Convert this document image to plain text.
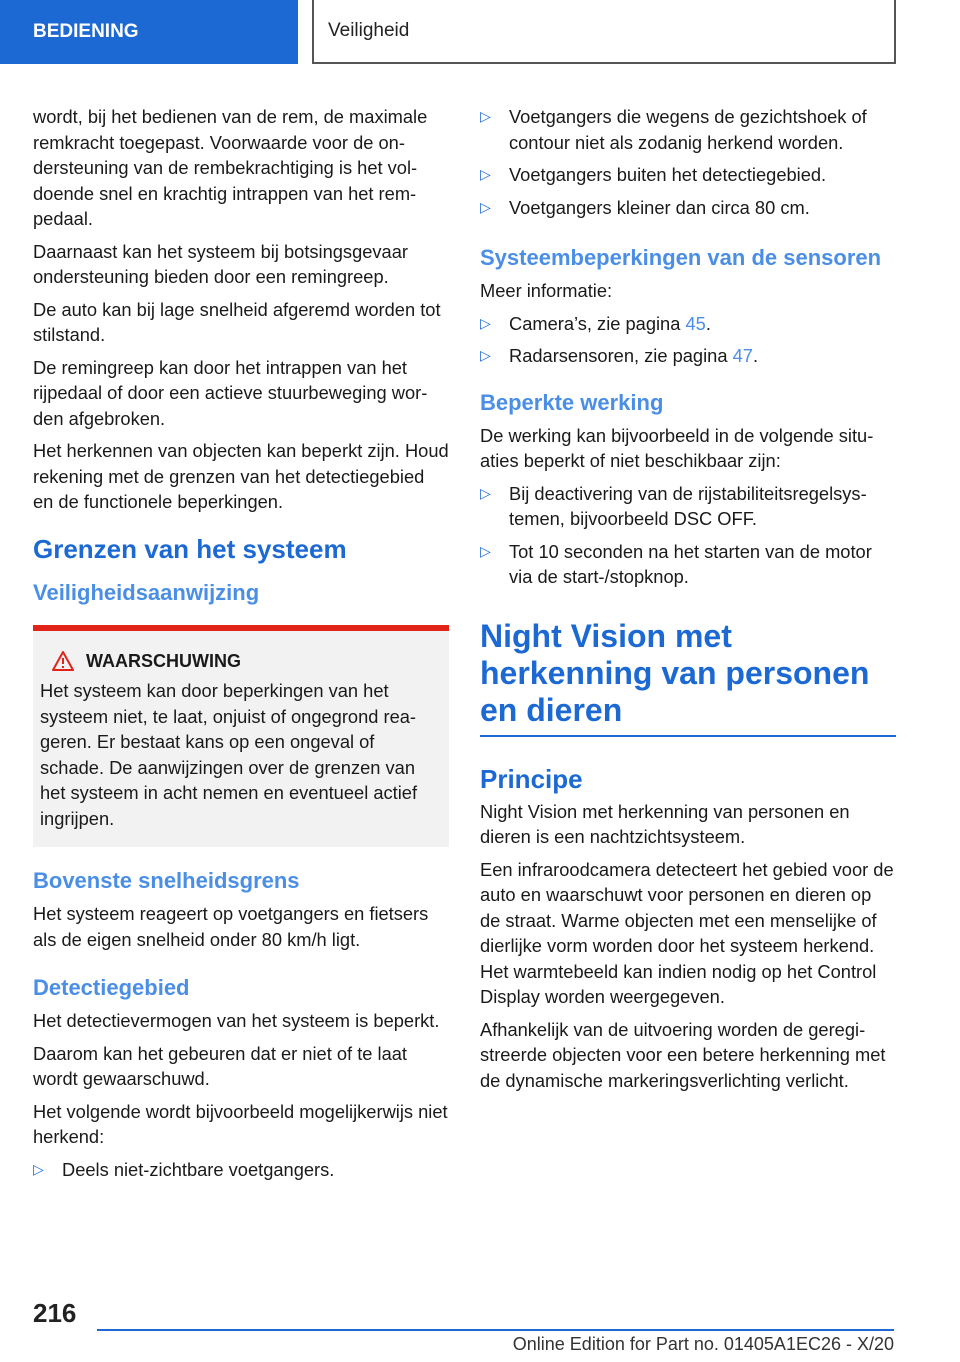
BEDIENING	Veiligheid

wordt, bij het bedienen van de rem, de maximale remkracht toegepast. Voorwaarde voor de ondersteuning van de rembekrachtiging is het voldoende snel en krachtig intrappen van het rempedaal.

Daarnaast kan het systeem bij botsingsgevaar ondersteuning bieden door een remingreep.

De auto kan bij lage snelheid afgeremd worden tot stilstand.

De remingreep kan door het intrappen van het rijpedaal of door een actieve stuurbeweging worden afgebroken.

Het herkennen van objecten kan beperkt zijn. Houd rekening met de grenzen van het detectiegebied en de functionele beperkingen.

Grenzen van het systeem
Veiligheidsaanwijzing
WAARSCHUWING
Het systeem kan door beperkingen van het systeem niet, te laat, onjuist of ongegrond reageren. Er bestaat kans op een ongeval of schade. De aanwijzingen over de grenzen van het systeem in acht nemen en eventueel actief ingrijpen.
Bovenste snelheidsgrens

Het systeem reageert op voetgangers en fietsers als de eigen snelheid onder 80 km/h ligt.

Detectiegebied

Het detectievermogen van het systeem is beperkt.

Daarom kan het gebeuren dat er niet of te laat wordt gewaarschuwd.

Het volgende wordt bijvoorbeeld mogelijkerwijs niet herkend:

▷ Deels niet-zichtbare voetgangers.
▷ Voetgangers die wegens de gezichtshoek of contour niet als zodanig herkend worden.
▷ Voetgangers buiten het detectiegebied.
▷ Voetgangers kleiner dan circa 80 cm.
Systeembeperkingen van de sensoren

Meer informatie:

▷ Camera’s, zie pagina 45.
▷ Radarsensoren, zie pagina 47.
Beperkte werking

De werking kan bijvoorbeeld in de volgende situaties beperkt of niet beschikbaar zijn:

▷ Bij deactivering van de rijstabiliteitsregelsystemen, bijvoorbeeld DSC OFF.
▷ Tot 10 seconden na het starten van de motor via de start-/stopknop.
Night Vision met herkenning van personen en dieren
Principe

Night Vision met herkenning van personen en dieren is een nachtzichtsysteem.

Een infraroodcamera detecteert het gebied voor de auto en waarschuwt voor personen en dieren op de straat. Warme objecten met een menselijke of dierlijke vorm worden door het systeem herkend. Het warmtebeeld kan indien nodig op het Control Display worden weergegeven.

Afhankelijk van de uitvoering worden de geregistreerde objecten voor een betere herkenning met de dynamische markeringsverlichting verlicht.

216
Online Edition for Part no. 01405A1EC26 - X/20
